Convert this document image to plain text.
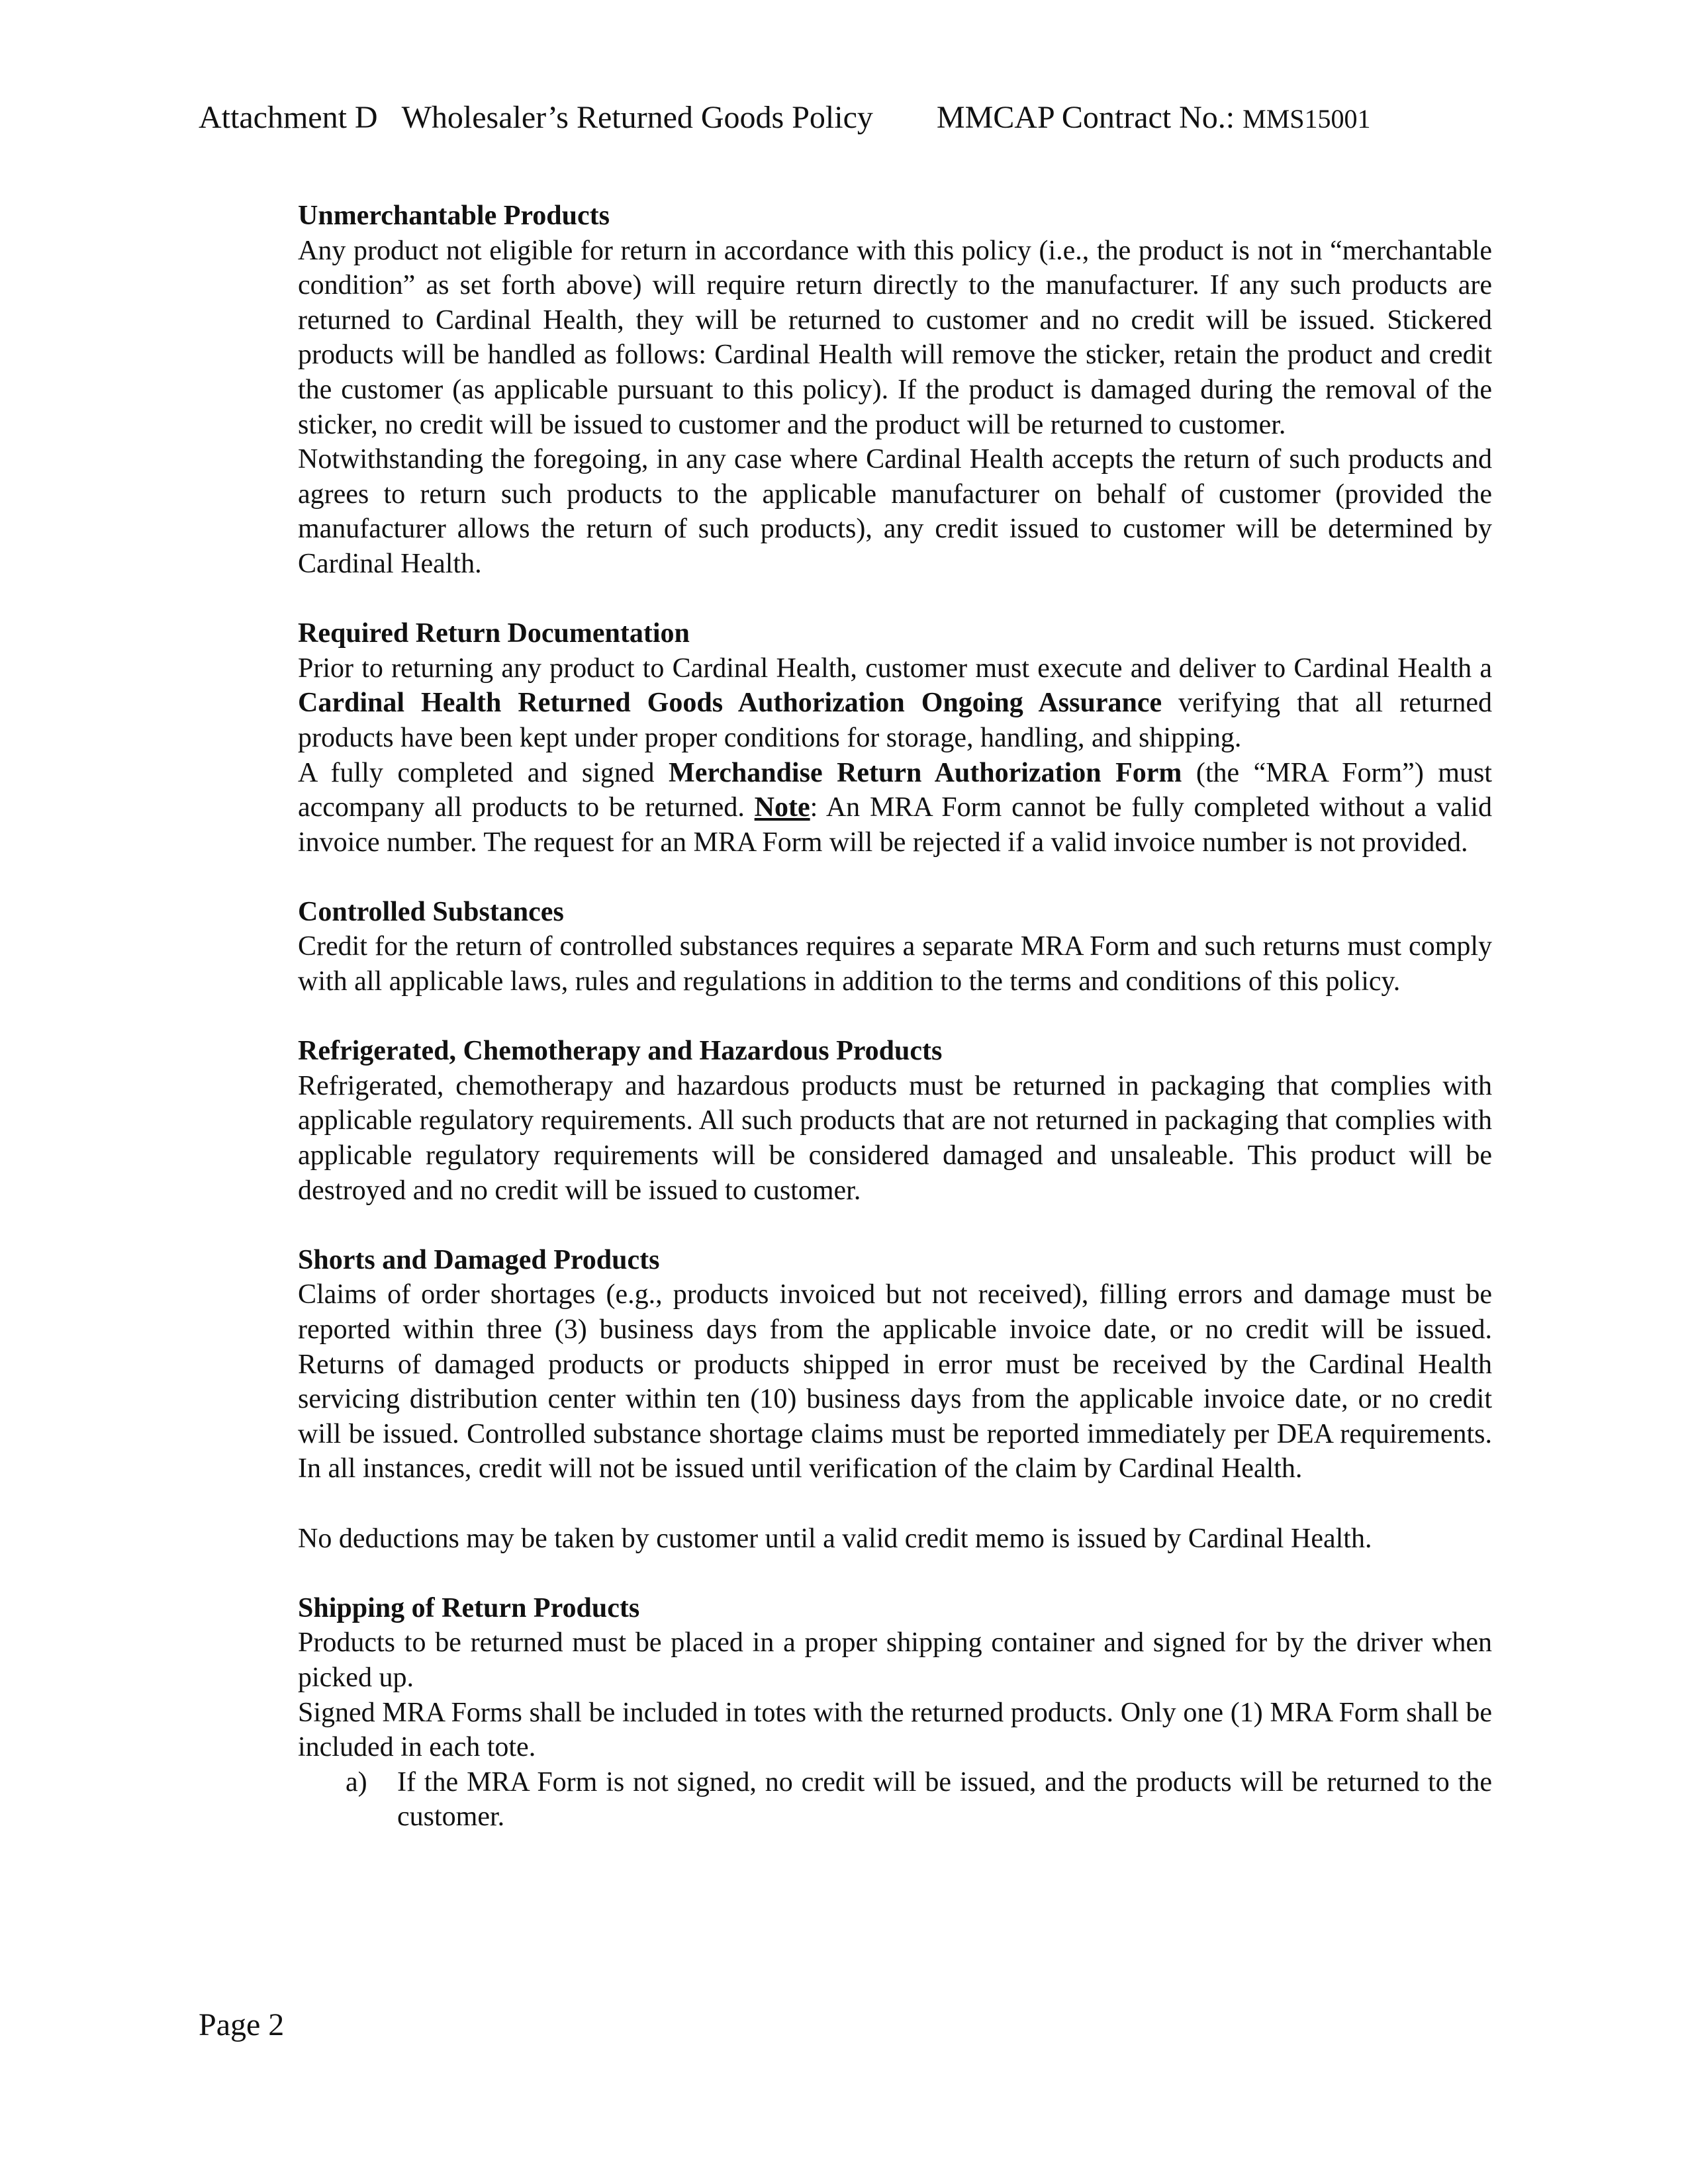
Attachment D Wholesaler’s Returned Goods Policy MMCAP Contract No.: MMS15001

Unmerchantable Products

Any product not eligible for return in accordance with this policy (i.e., the product is not in “merchantable condition” as set forth above) will require return directly to the manufacturer. If any such products are returned to Cardinal Health, they will be returned to customer and no credit will be issued. Stickered products will be handled as follows: Cardinal Health will remove the sticker, retain the product and credit the customer (as applicable pursuant to this policy). If the product is damaged during the removal of the sticker, no credit will be issued to customer and the product will be returned to customer.

Notwithstanding the foregoing, in any case where Cardinal Health accepts the return of such products and agrees to return such products to the applicable manufacturer on behalf of customer (provided the manufacturer allows the return of such products), any credit issued to customer will be determined by Cardinal Health.

Required Return Documentation

Prior to returning any product to Cardinal Health, customer must execute and deliver to Cardinal Health a Cardinal Health Returned Goods Authorization Ongoing Assurance verifying that all returned products have been kept under proper conditions for storage, handling, and shipping.

A fully completed and signed Merchandise Return Authorization Form (the “MRA Form”) must accompany all products to be returned. Note: An MRA Form cannot be fully completed without a valid invoice number. The request for an MRA Form will be rejected if a valid invoice number is not provided.

Controlled Substances

Credit for the return of controlled substances requires a separate MRA Form and such returns must comply with all applicable laws, rules and regulations in addition to the terms and conditions of this policy.

Refrigerated, Chemotherapy and Hazardous Products

Refrigerated, chemotherapy and hazardous products must be returned in packaging that complies with applicable regulatory requirements. All such products that are not returned in packaging that complies with applicable regulatory requirements will be considered damaged and unsaleable. This product will be destroyed and no credit will be issued to customer.

Shorts and Damaged Products

Claims of order shortages (e.g., products invoiced but not received), filling errors and damage must be reported within three (3) business days from the applicable invoice date, or no credit will be issued. Returns of damaged products or products shipped in error must be received by the Cardinal Health servicing distribution center within ten (10) business days from the applicable invoice date, or no credit will be issued. Controlled substance shortage claims must be reported immediately per DEA requirements. In all instances, credit will not be issued until verification of the claim by Cardinal Health.

No deductions may be taken by customer until a valid credit memo is issued by Cardinal Health.

Shipping of Return Products

Products to be returned must be placed in a proper shipping container and signed for by the driver when picked up.

Signed MRA Forms shall be included in totes with the returned products. Only one (1) MRA Form shall be included in each tote.

a) If the MRA Form is not signed, no credit will be issued, and the products will be returned to the customer.
Page 2
